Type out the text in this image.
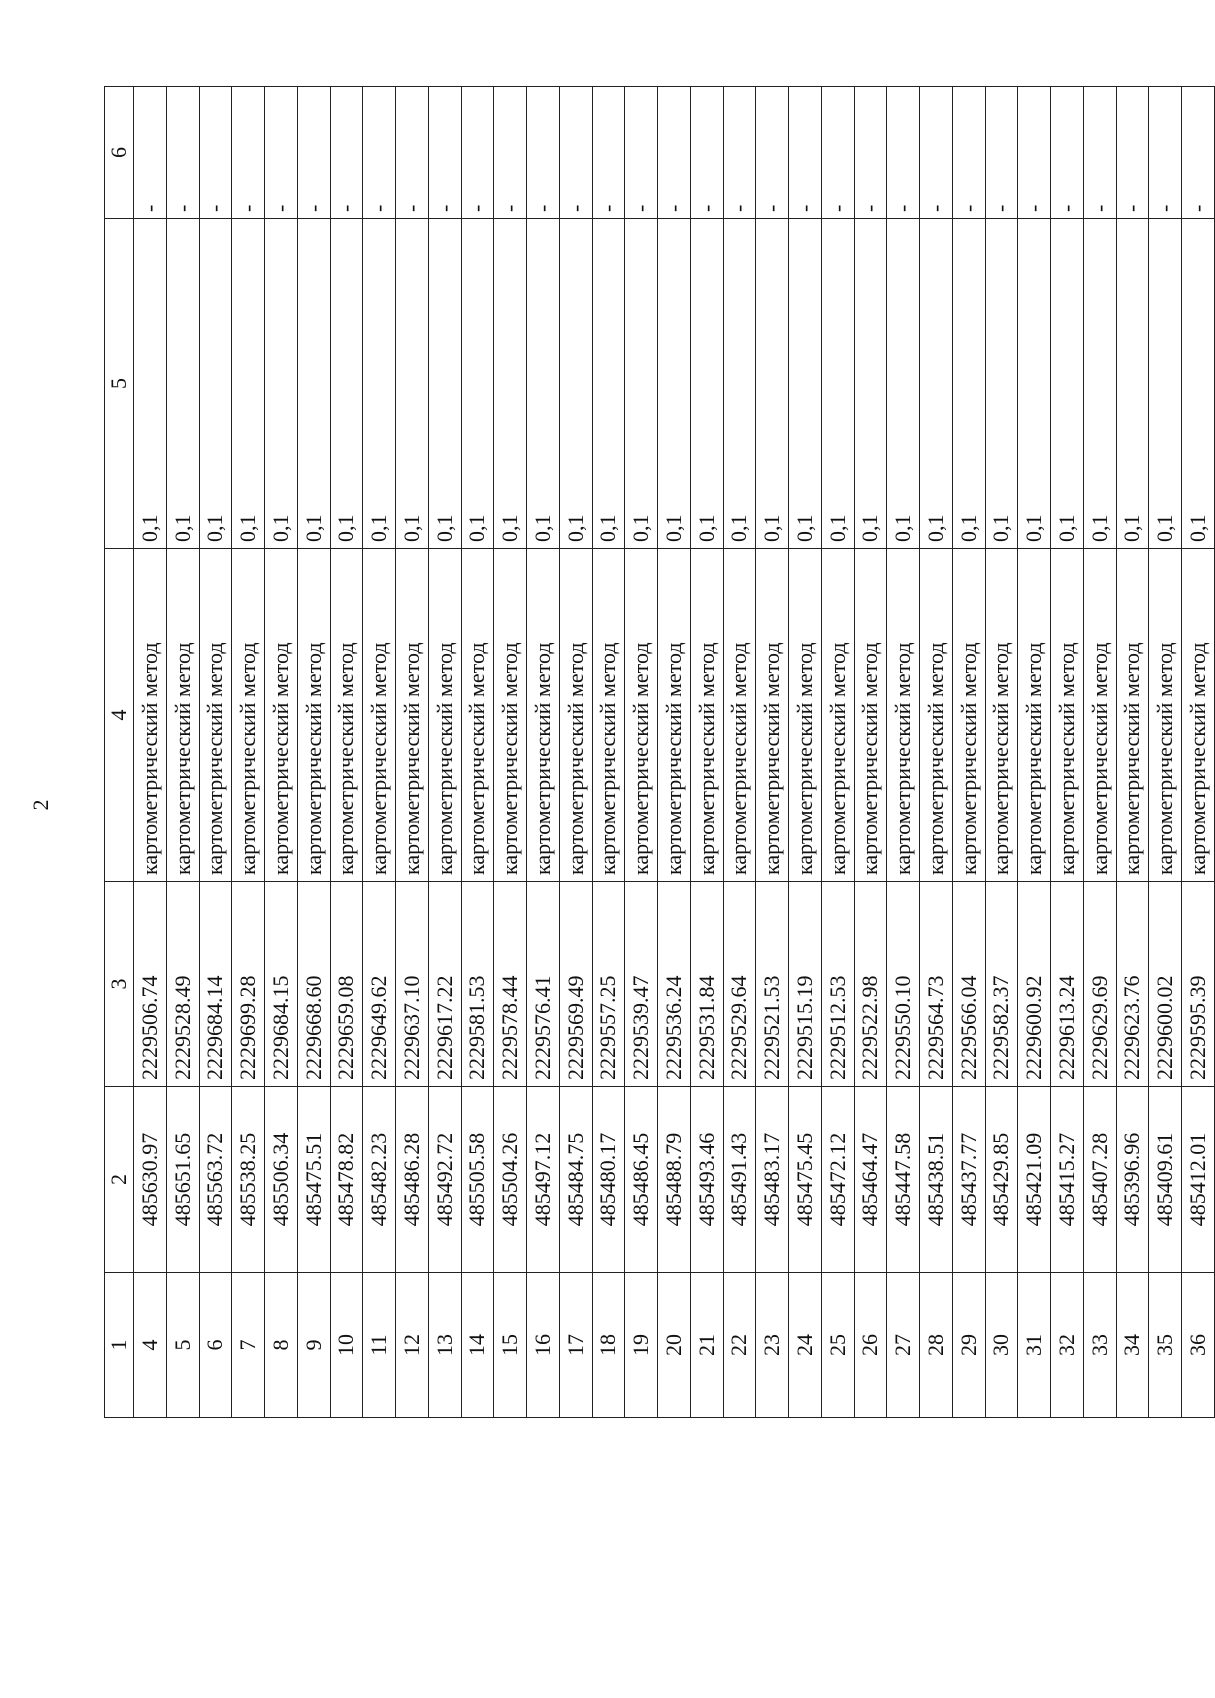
2
1	2	3	4	5	6
4	485630.97	2229506.74	картометрический метод	0,1	-
5	485651.65	2229528.49	картометрический метод	0,1	-
6	485563.72	2229684.14	картометрический метод	0,1	-
7	485538.25	2229699.28	картометрический метод	0,1	-
8	485506.34	2229684.15	картометрический метод	0,1	-
9	485475.51	2229668.60	картометрический метод	0,1	-
10	485478.82	2229659.08	картометрический метод	0,1	-
11	485482.23	2229649.62	картометрический метод	0,1	-
12	485486.28	2229637.10	картометрический метод	0,1	-
13	485492.72	2229617.22	картометрический метод	0,1	-
14	485505.58	2229581.53	картометрический метод	0,1	-
15	485504.26	2229578.44	картометрический метод	0,1	-
16	485497.12	2229576.41	картометрический метод	0,1	-
17	485484.75	2229569.49	картометрический метод	0,1	-
18	485480.17	2229557.25	картометрический метод	0,1	-
19	485486.45	2229539.47	картометрический метод	0,1	-
20	485488.79	2229536.24	картометрический метод	0,1	-
21	485493.46	2229531.84	картометрический метод	0,1	-
22	485491.43	2229529.64	картометрический метод	0,1	-
23	485483.17	2229521.53	картометрический метод	0,1	-
24	485475.45	2229515.19	картометрический метод	0,1	-
25	485472.12	2229512.53	картометрический метод	0,1	-
26	485464.47	2229522.98	картометрический метод	0,1	-
27	485447.58	2229550.10	картометрический метод	0,1	-
28	485438.51	2229564.73	картометрический метод	0,1	-
29	485437.77	2229566.04	картометрический метод	0,1	-
30	485429.85	2229582.37	картометрический метод	0,1	-
31	485421.09	2229600.92	картометрический метод	0,1	-
32	485415.27	2229613.24	картометрический метод	0,1	-
33	485407.28	2229629.69	картометрический метод	0,1	-
34	485396.96	2229623.76	картометрический метод	0,1	-
35	485409.61	2229600.02	картометрический метод	0,1	-
36	485412.01	2229595.39	картометрический метод	0,1	-
